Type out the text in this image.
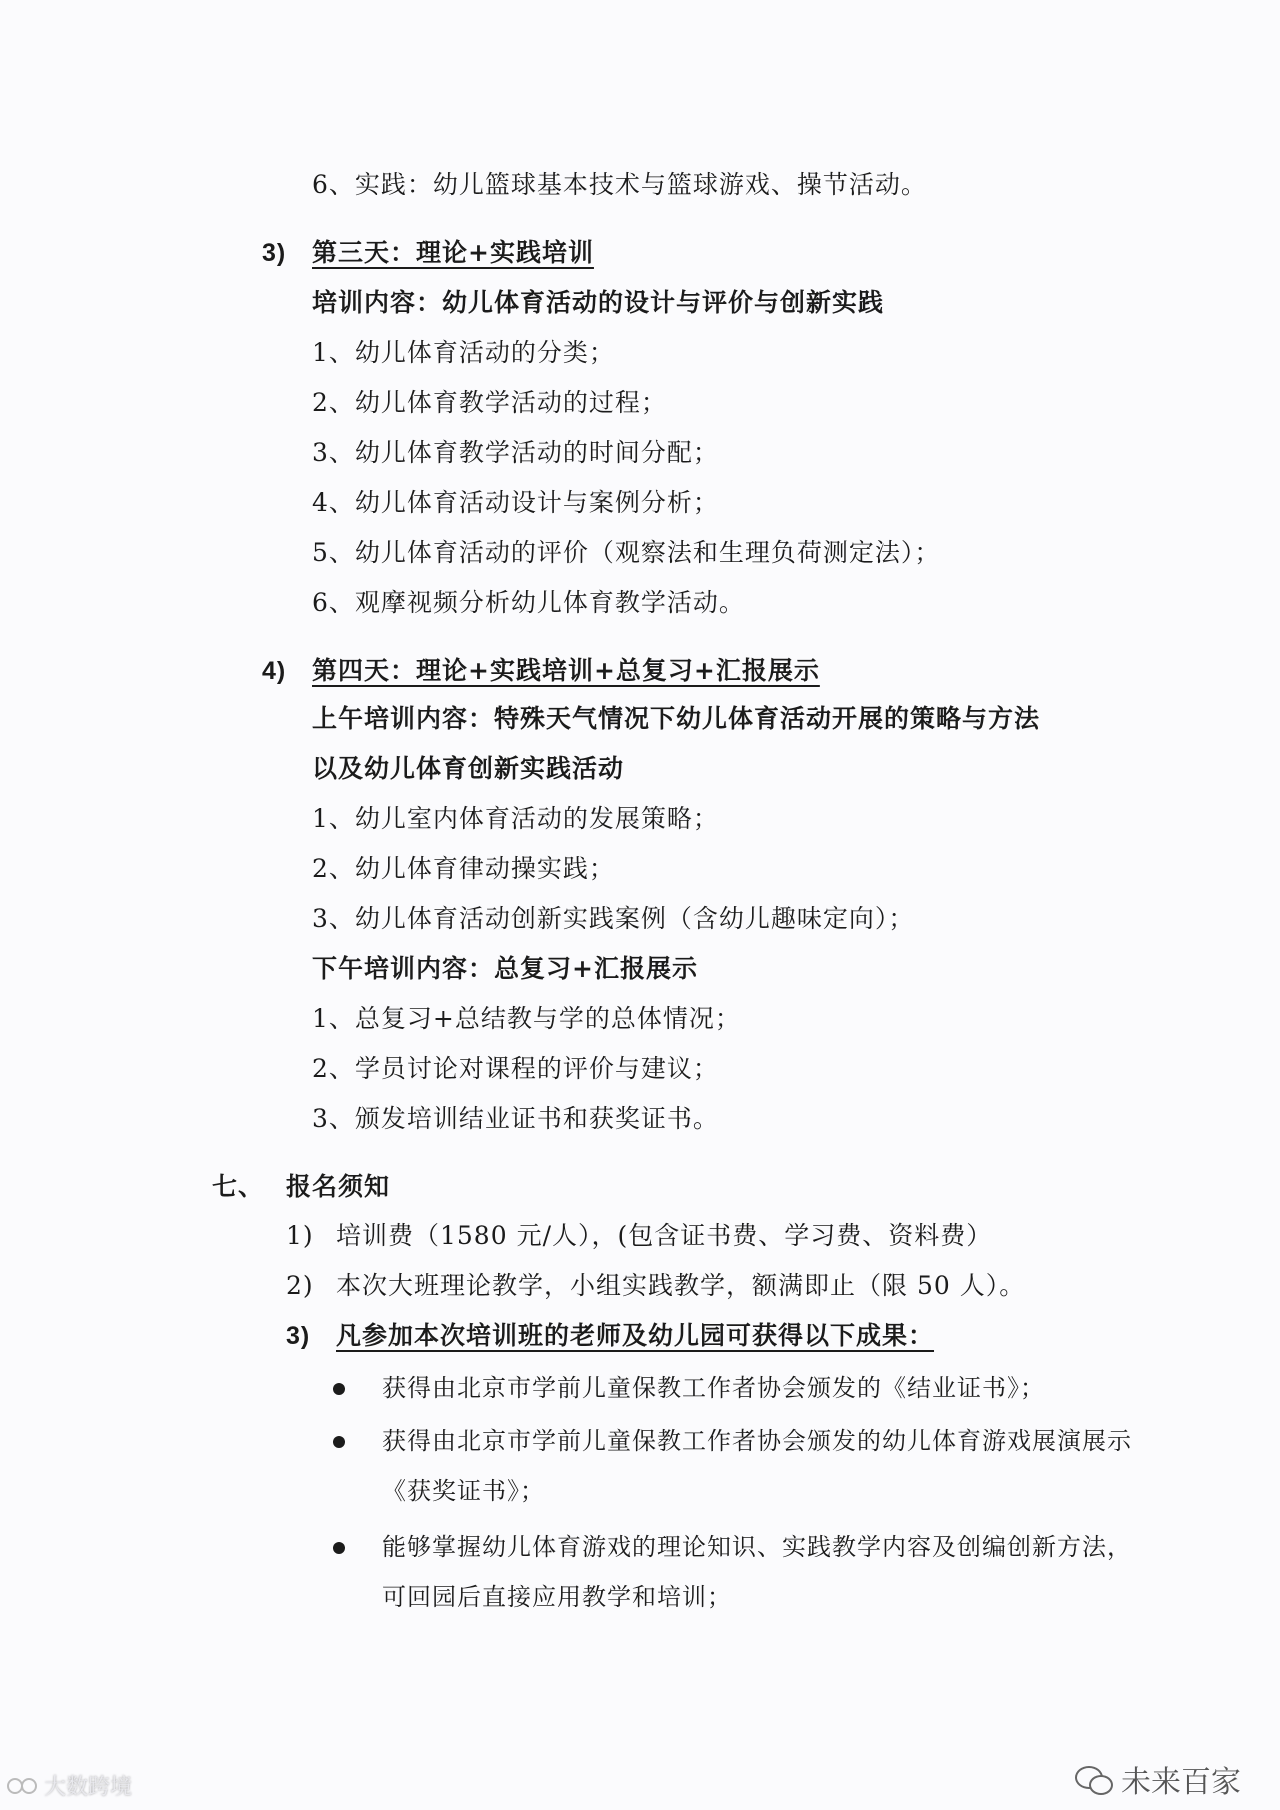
6、实践：幼儿篮球基本技术与篮球游戏、操节活动。
3) 第三天：理论+实践培训
培训内容：幼儿体育活动的设计与评价与创新实践
1、幼儿体育活动的分类；
2、幼儿体育教学活动的过程；
3、幼儿体育教学活动的时间分配；
4、幼儿体育活动设计与案例分析；
5、幼儿体育活动的评价（观察法和生理负荷测定法）；
6、观摩视频分析幼儿体育教学活动。
4) 第四天：理论+实践培训+总复习+汇报展示
上午培训内容：特殊天气情况下幼儿体育活动开展的策略与方法
以及幼儿体育创新实践活动
1、幼儿室内体育活动的发展策略；
2、幼儿体育律动操实践；
3、幼儿体育活动创新实践案例（含幼儿趣味定向）；
下午培训内容：总复习+汇报展示
1、总复习+总结教与学的总体情况；
2、学员讨论对课程的评价与建议；
3、颁发培训结业证书和获奖证书。
七、 报名须知
1) 培训费（1580 元/人），(包含证书费、学习费、资料费）
2) 本次大班理论教学，小组实践教学，额满即止（限 50 人）。
3) 凡参加本次培训班的老师及幼儿园可获得以下成果：
获得由北京市学前儿童保教工作者协会颁发的《结业证书》；
获得由北京市学前儿童保教工作者协会颁发的幼儿体育游戏展演展示
《获奖证书》；
能够掌握幼儿体育游戏的理论知识、实践教学内容及创编创新方法，
可回园后直接应用教学和培训；
大数跨境	未来百家
